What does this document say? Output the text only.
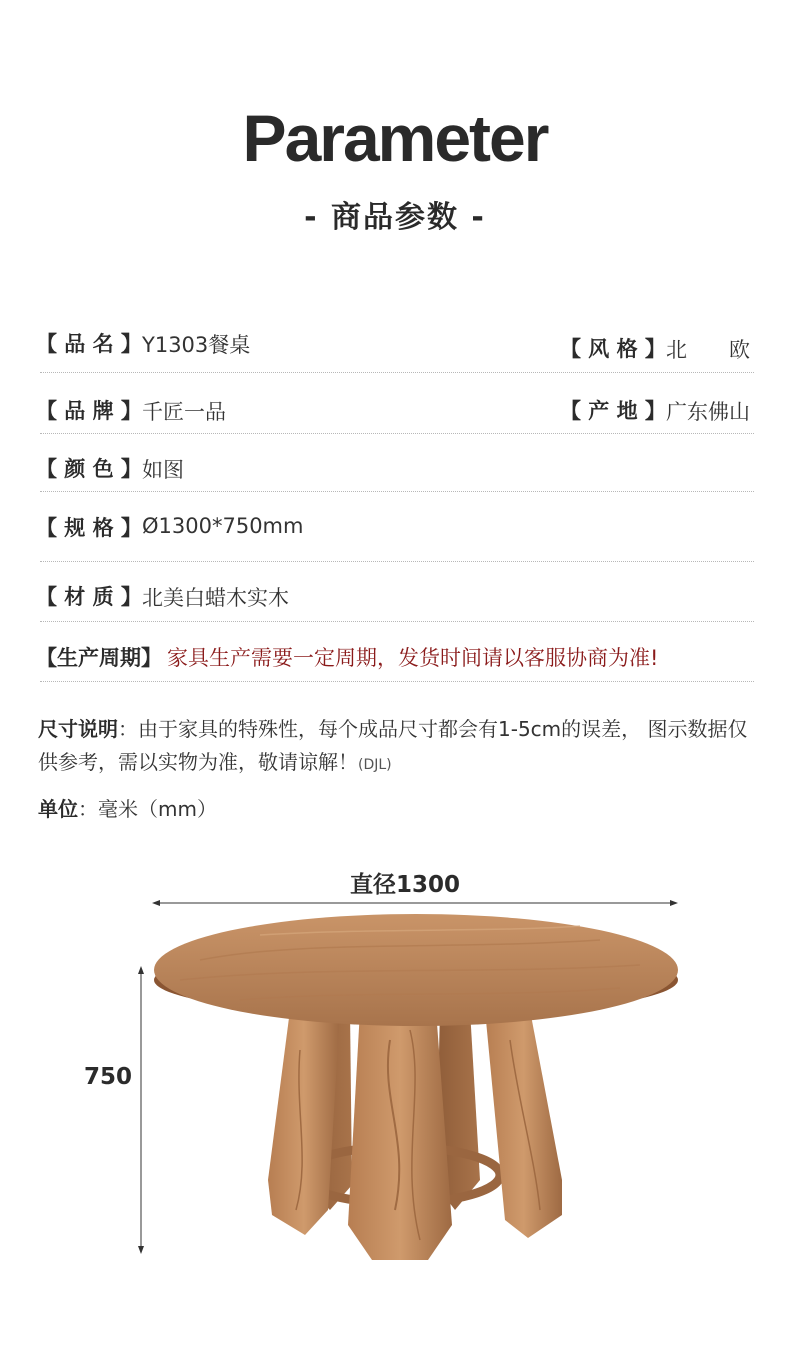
Parameter
- 商品参数 -
【 品 名 】 Y1303餐桌	【 风 格 】 北　　欧
【 品 牌 】 千匠一品	【 产 地 】 广东佛山
【 颜 色 】 如图
【 规 格 】 Ø1300*750mm
【 材 质 】 北美白蜡木实木
【生产周期】 家具生产需要一定周期，发货时间请以客服协商为准!
尺寸说明：由于家具的特殊性，每个成品尺寸都会有1-5cm的误差， 图示数据仅供参考，需以实物为准，敬请谅解！(DJL)
单位：毫米（mm）
直径1300
750
